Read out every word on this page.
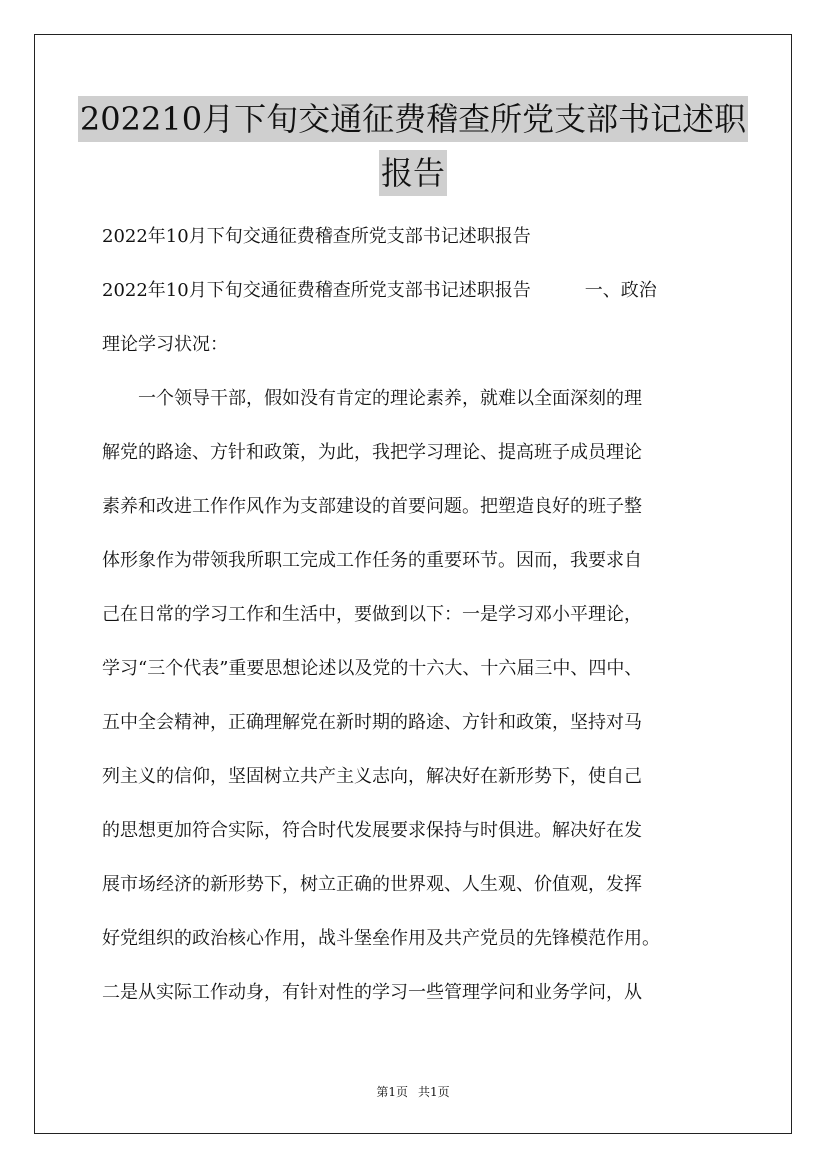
202210月下旬交通征费稽查所党支部书记述职
报告
2022年10月下旬交通征费稽查所党支部书记述职报告
2022年10月下旬交通征费稽查所党支部书记述职报告	一、政治
理论学习状况：
　　一个领导干部，假如没有肯定的理论素养，就难以全面深刻的理
解党的路途、方针和政策，为此，我把学习理论、提高班子成员理论
素养和改进工作作风作为支部建设的首要问题。把塑造良好的班子整
体形象作为带领我所职工完成工作任务的重要环节。因而，我要求自
己在日常的学习工作和生活中，要做到以下：一是学习邓小平理论，
学习“三个代表”重要思想论述以及党的十六大、十六届三中、四中、
五中全会精神，正确理解党在新时期的路途、方针和政策，坚持对马
列主义的信仰，坚固树立共产主义志向，解决好在新形势下，使自己
的思想更加符合实际，符合时代发展要求保持与时俱进。解决好在发
展市场经济的新形势下，树立正确的世界观、人生观、价值观，发挥
好党组织的政治核心作用，战斗堡垒作用及共产党员的先锋模范作用。
二是从实际工作动身，有针对性的学习一些管理学问和业务学问，从
第1页 共1页
